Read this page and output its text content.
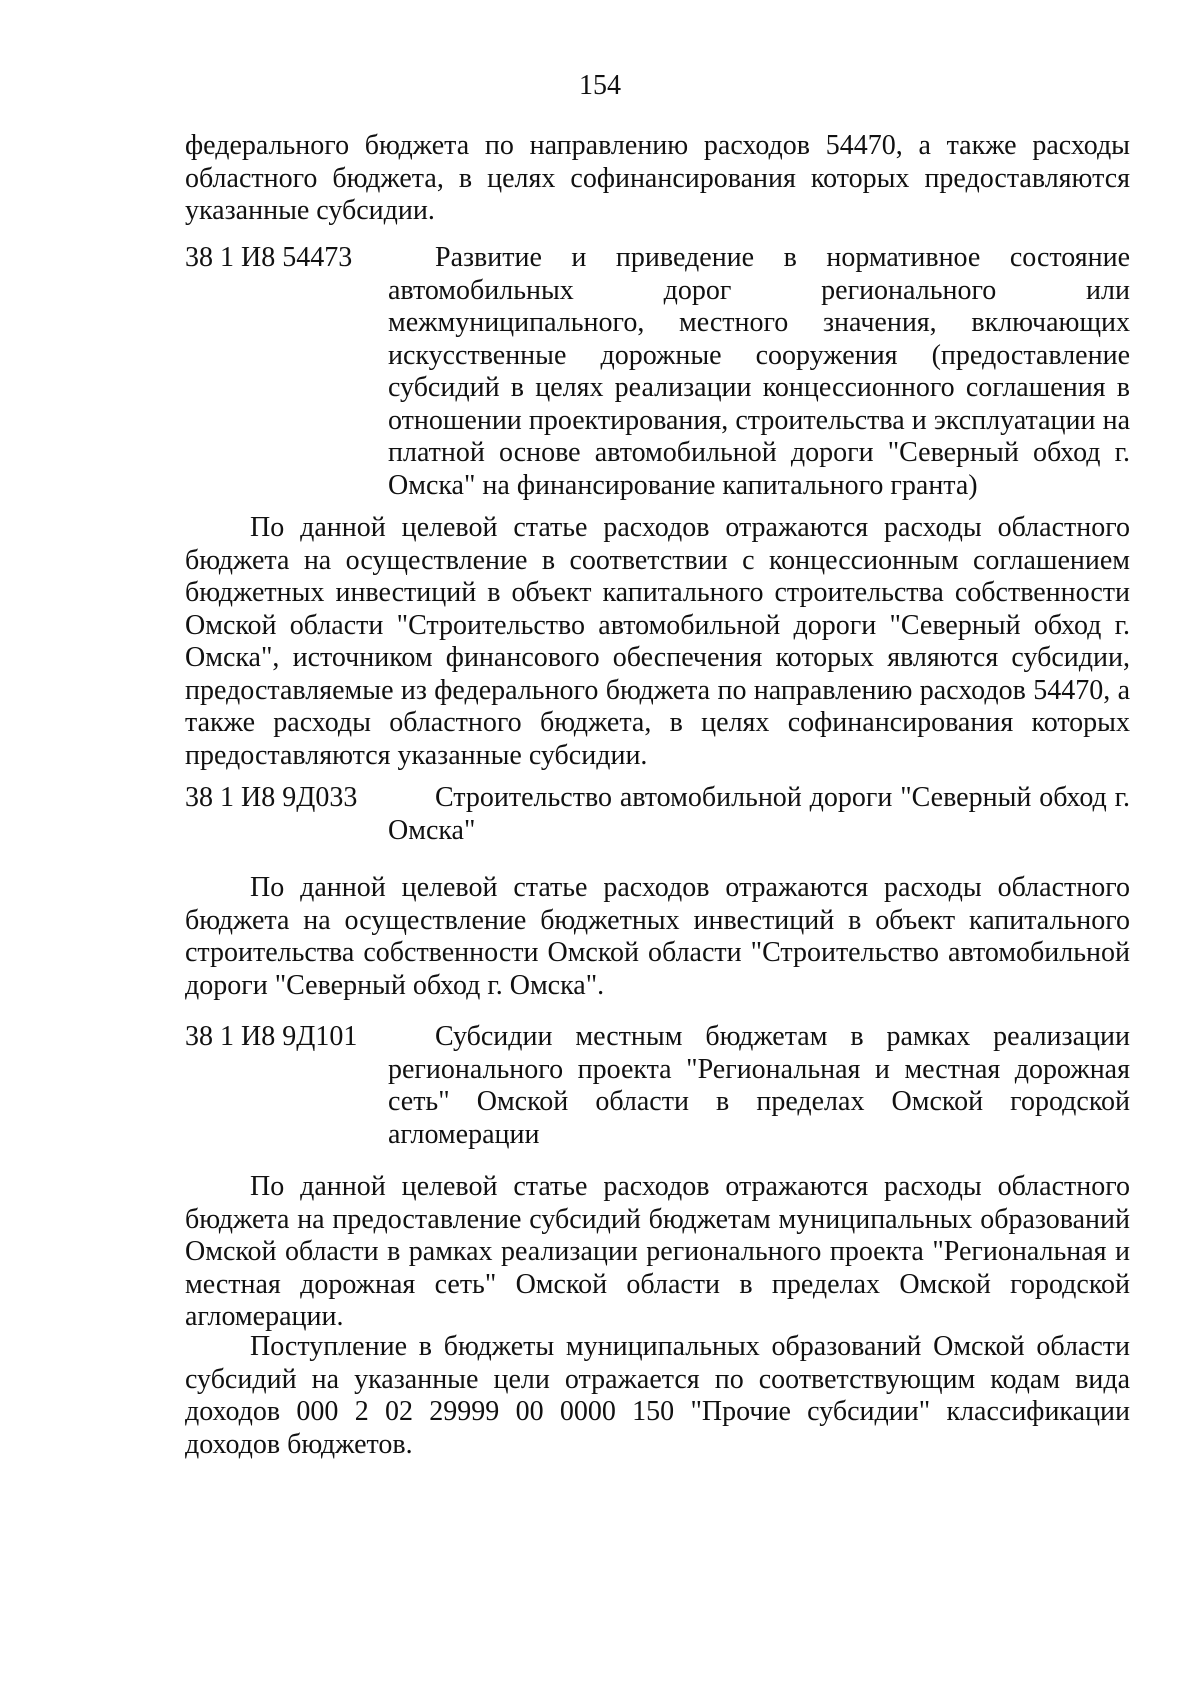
154

федерального бюджета по направлению расходов 54470, а также расходы областного бюджета, в целях софинансирования которых предоставляются указанные субсидии.

38 1 И8 54473	Развитие и приведение в нормативное состояние автомобильных дорог регионального или межмуниципального, местного значения, включающих искусственные дорожные сооружения (предоставление субсидий в целях реализации концессионного соглашения в отношении проектирования, строительства и эксплуатации на платной основе автомобильной дороги "Северный обход г. Омска" на финансирование капитального гранта)

По данной целевой статье расходов отражаются расходы областного бюджета на осуществление в соответствии с концессионным соглашением бюджетных инвестиций в объект капитального строительства собственности Омской области "Строительство автомобильной дороги "Северный обход г. Омска", источником финансового обеспечения которых являются субсидии, предоставляемые из федерального бюджета по направлению расходов 54470, а также расходы областного бюджета, в целях софинансирования которых предоставляются указанные субсидии.

38 1 И8 9Д033	Строительство автомобильной дороги "Северный обход г. Омска"

По данной целевой статье расходов отражаются расходы областного бюджета на осуществление бюджетных инвестиций в объект капитального строительства собственности Омской области "Строительство автомобильной дороги "Северный обход г. Омска".

38 1 И8 9Д101	Субсидии местным бюджетам в рамках реализации регионального проекта "Региональная и местная дорожная сеть" Омской области в пределах Омской городской агломерации

По данной целевой статье расходов отражаются расходы областного бюджета на предоставление субсидий бюджетам муниципальных образований Омской области в рамках реализации регионального проекта "Региональная и местная дорожная сеть" Омской области в пределах Омской городской агломерации.

Поступление в бюджеты муниципальных образований Омской области субсидий на указанные цели отражается по соответствующим кодам вида доходов 000 2 02 29999 00 0000 150 "Прочие субсидии" классификации доходов бюджетов.
